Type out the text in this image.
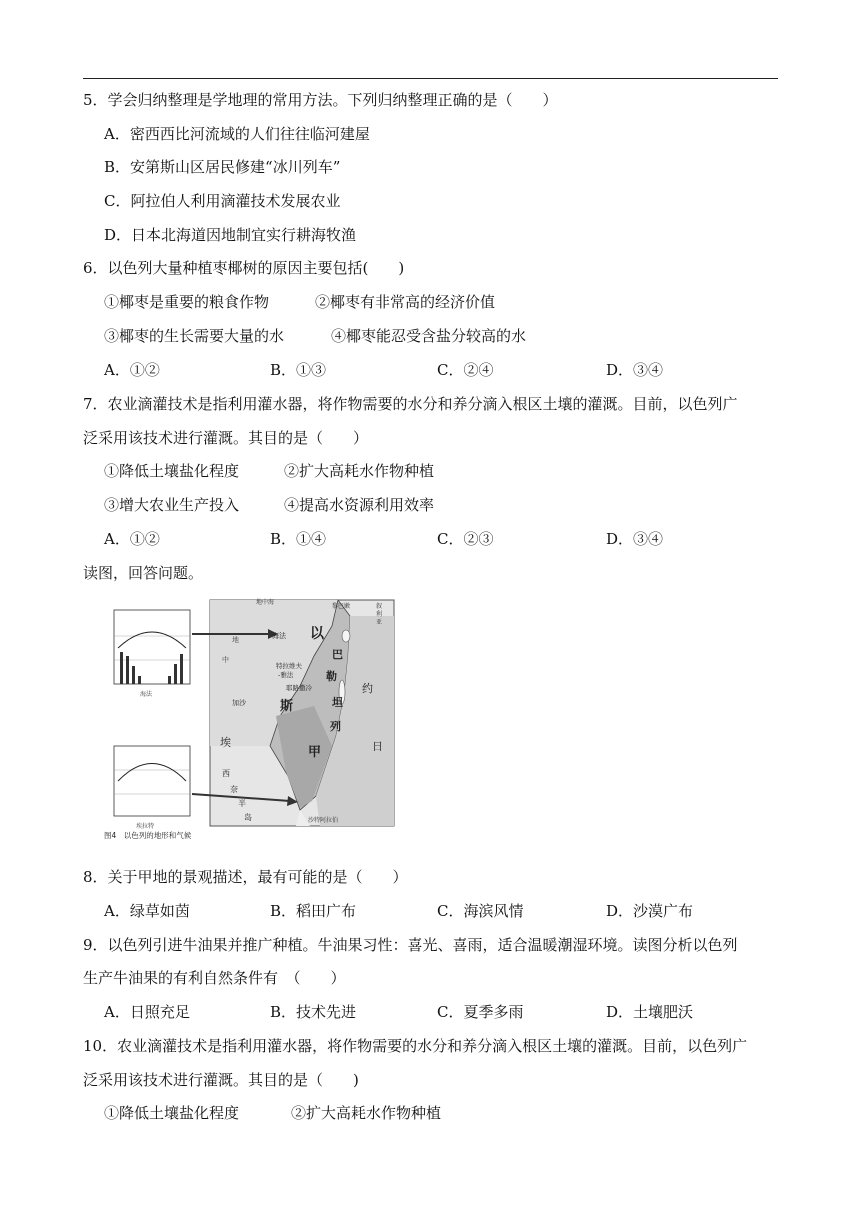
5．学会归纳整理是学地理的常用方法。下列归纳整理正确的是（　　）
A．密西西比河流域的人们往往临河建屋
B．安第斯山区居民修建“冰川列车”
C．阿拉伯人利用滴灌技术发展农业
D．日本北海道因地制宜实行耕海牧渔
6．以色列大量种植枣椰树的原因主要包括(　　)
①椰枣是重要的粮食作物	②椰枣有非常高的经济价值
③椰枣的生长需要大量的水	④椰枣能忍受含盐分较高的水
A．①②	B．①③	C．②④	D．③④
7．农业滴灌技术是指利用灌水器，将作物需要的水分和养分滴入根区土壤的灌溉。目前，以色列广
泛采用该技术进行灌溉。其目的是（　　）
①降低土壤盐化程度	②扩大高耗水作物种植
③增大农业生产投入	④提高水资源利用效率
A．①②	B．①④	C．②③	D．③④
读图，回答问题。
地中海
黎巴嫩	叙
利
亚
海法 以
巴
地
中
特拉维夫
-雅法	勒
耶路撒冷
加沙	斯	坦
约
列
日
埃
甲
西
奈
半
岛	沙特阿拉伯
海法
埃拉特
图4　以色列的地形和气候
8．关于甲地的景观描述，最有可能的是（　　）
A．绿草如茵	B．稻田广布	C．海滨风情	D．沙漠广布
9．以色列引进牛油果并推广种植。牛油果习性：喜光、喜雨，适合温暖潮湿环境。读图分析以色列
生产牛油果的有利自然条件有　（　　）
A．日照充足	B．技术先进	C．夏季多雨	D．土壤肥沃
10．农业滴灌技术是指利用灌水器，将作物需要的水分和养分滴入根区土壤的灌溉。目前，以色列广
泛采用该技术进行灌溉。其目的是（　　)
①降低土壤盐化程度	②扩大高耗水作物种植
